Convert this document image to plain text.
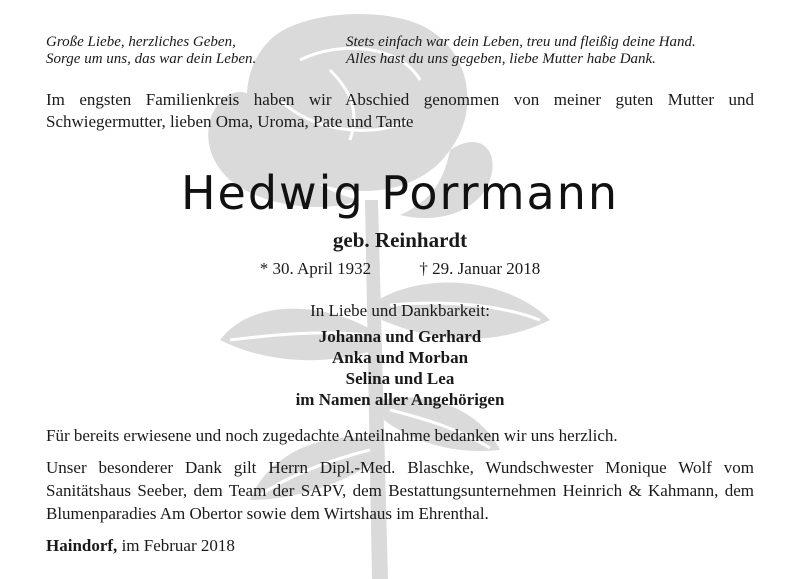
Große Liebe, herzliches Geben,
Sorge um uns, das war dein Leben.
Stets einfach war dein Leben, treu und fleißig deine Hand.
Alles hast du uns gegeben, liebe Mutter habe Dank.
Im engsten Familienkreis haben wir Abschied genommen von meiner guten Mutter und Schwiegermutter, lieben Oma, Uroma, Pate und Tante
Hedwig Porrmann
geb. Reinhardt
* 30. April 1932	† 29. Januar 2018
In Liebe und Dankbarkeit:
Johanna und Gerhard
Anka und Morban
Selina und Lea
im Namen aller Angehörigen
Für bereits erwiesene und noch zugedachte Anteilnahme bedanken wir uns herzlich.
Unser besonderer Dank gilt Herrn Dipl.-Med. Blaschke, Wundschwester Monique Wolf vom Sanitätshaus Seeber, dem Team der SAPV, dem Bestattungsunternehmen Heinrich & Kahmann, dem Blumenparadies Am Obertor sowie dem Wirtshaus im Ehrenthal.
Haindorf, im Februar 2018
